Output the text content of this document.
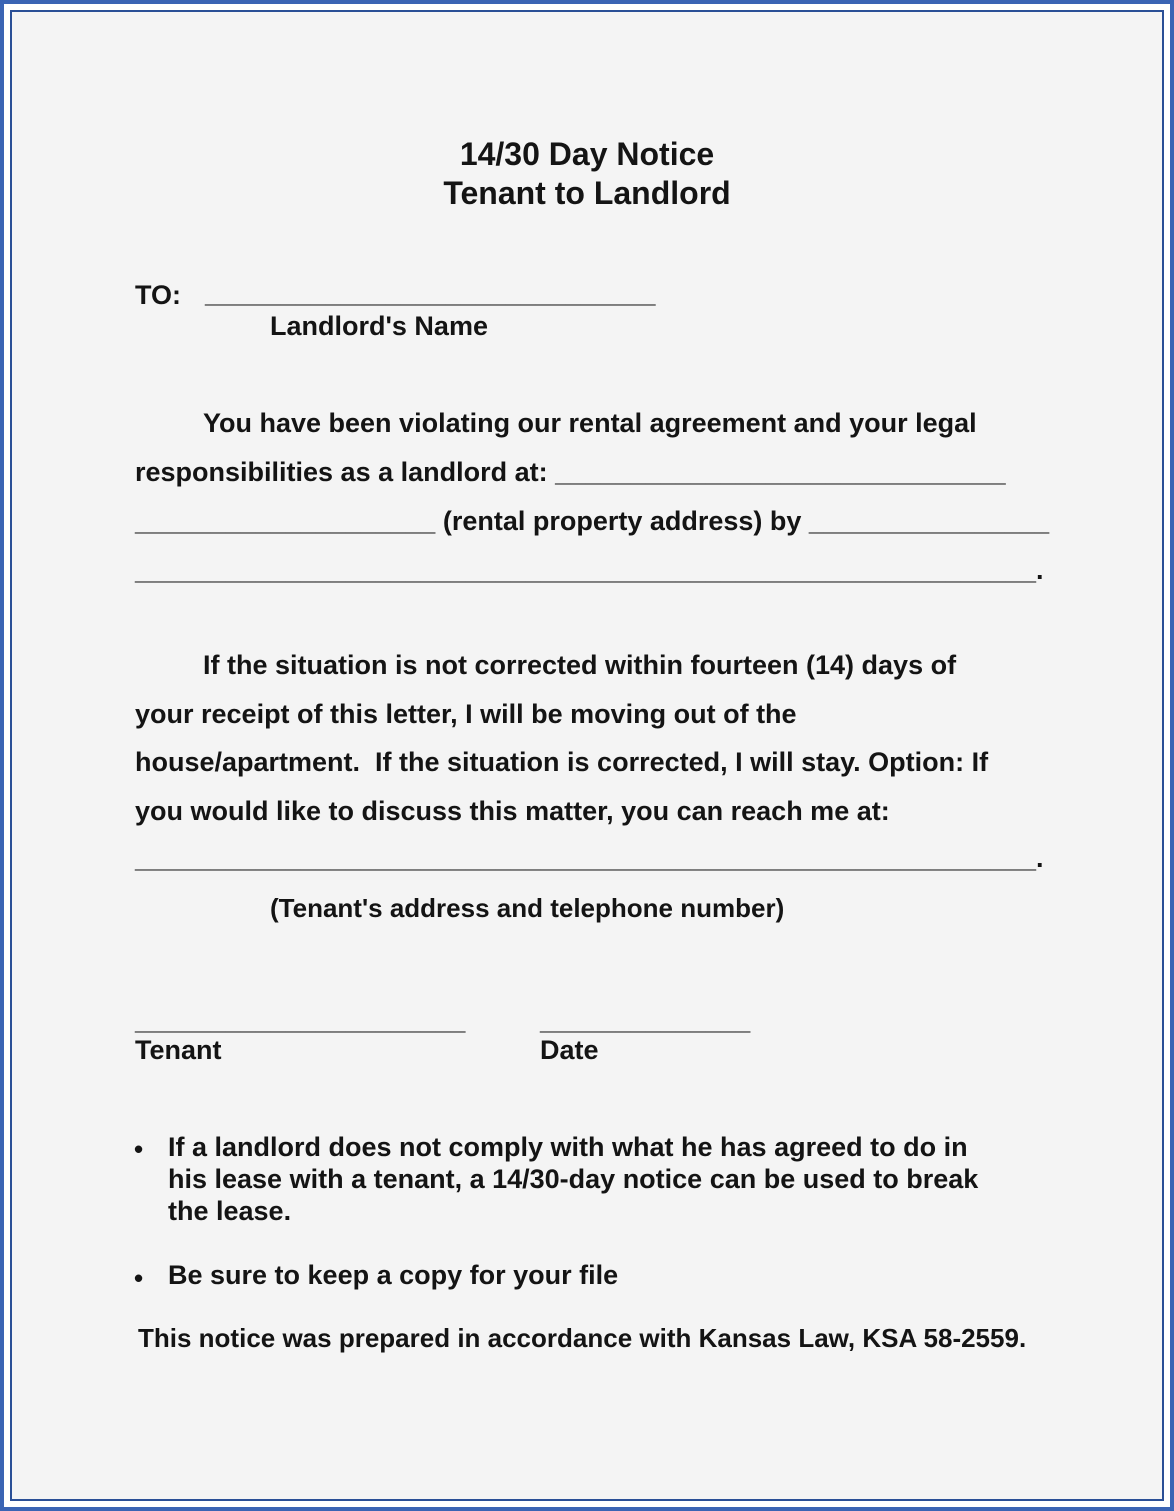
14/30 Day Notice

Tenant to Landlord

TO: ______________________________

Landlord's Name

You have been violating our rental agreement and your legal

responsibilities as a landlord at: ______________________________

____________________ (rental property address) by ________________

____________________________________________________________.

If the situation is not corrected within fourteen (14) days of

your receipt of this letter, I will be moving out of the

house/apartment.  If the situation is corrected, I will stay. Option: If

you would like to discuss this matter, you can reach me at:

____________________________________________________________.

(Tenant's address and telephone number)

______________________	______________

Tenant	Date

• If a landlord does not comply with what he has agreed to do in

his lease with a tenant, a 14/30-day notice can be used to break

the lease.

• Be sure to keep a copy for your file

This notice was prepared in accordance with Kansas Law, KSA 58-2559.
